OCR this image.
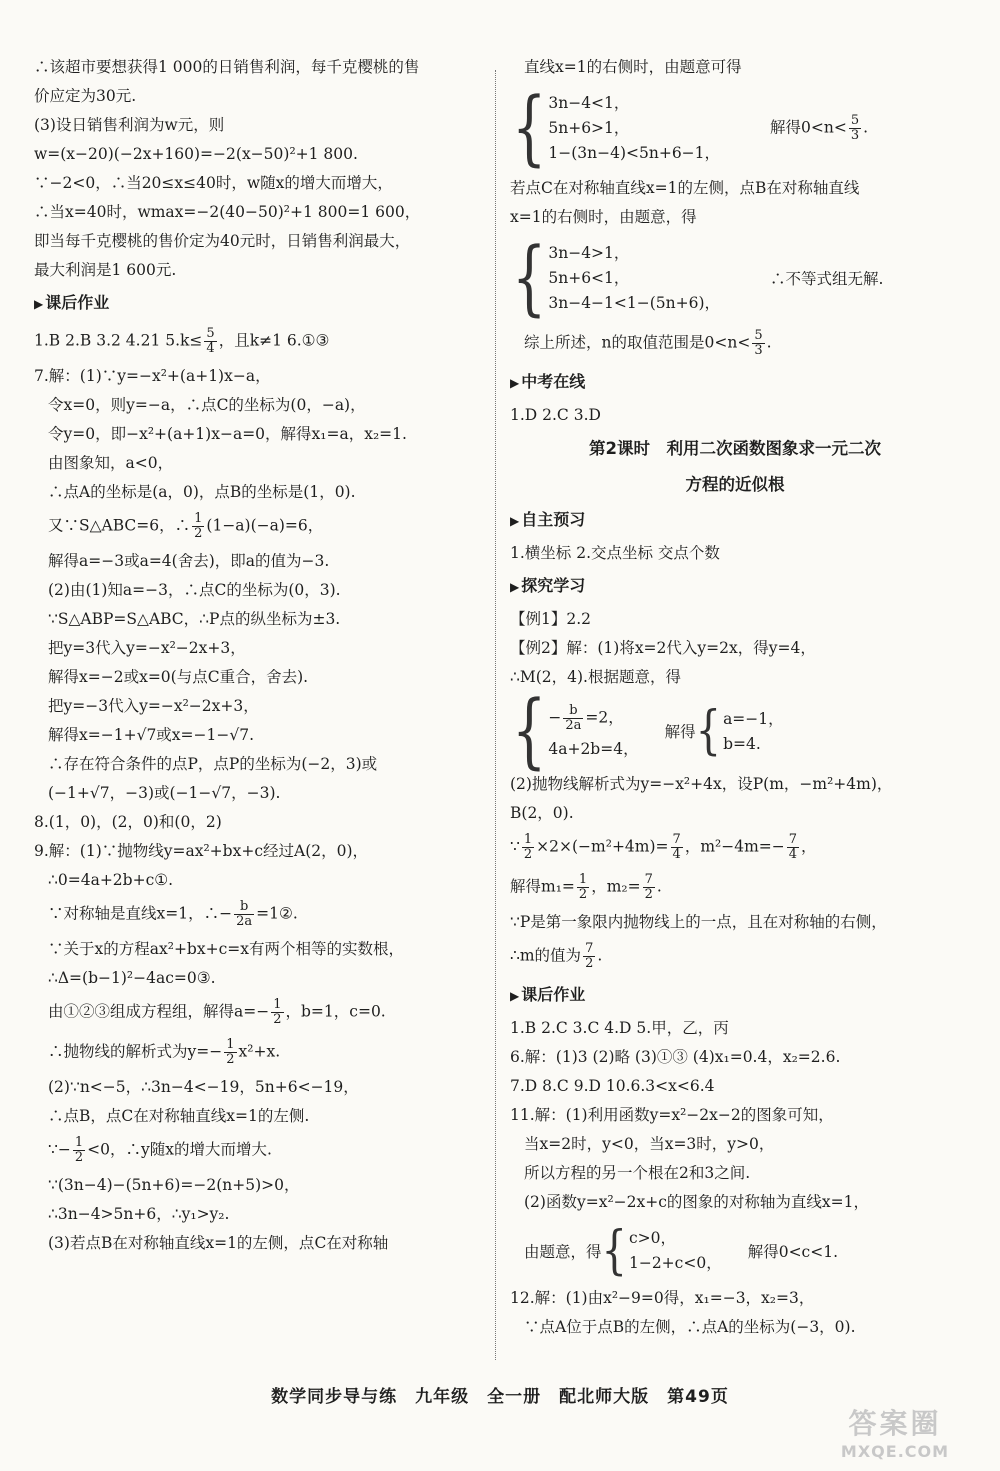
∴该超市要想获得1 000的日销售利润，每千克樱桃的售
价应定为30元.
(3)设日销售利润为w元，则
w=(x−20)(−2x+160)=−2(x−50)²+1 800.
∵−2<0，∴当20≤x≤40时，w随x的增大而增大，
∴当x=40时，wmax=−2(40−50)²+1 800=1 600，
即当每千克樱桃的售价定为40元时，日销售利润最大，
最大利润是1 600元.
▶ 课后作业
1.B 2.B 3.2 4.21 $5.k\le \frac{5}{4}$ ，且k≠1 6.①③
7.解：(1)∵y=−x²+(a+1)x−a，
令x=0，则y=−a，∴点C的坐标为(0，−a)，
令y=0，即−x²+(a+1)x−a=0，解得x₁=a，x₂=1.
由图象知，a<0，
∴点A的坐标是(a，0)，点B的坐标是(1，0).
又∵S△ABC=6，∴ $\frac{1}{2} (1-a)(-a)=6$，
解得a=−3或a=4(舍去)，即a的值为−3.
(2)由(1)知a=−3，∴点C的坐标为(0，3).
∵S△ABP=S△ABC，∴P点的纵坐标为±3.
把y=3代入y=−x²−2x+3，
解得x=−2或x=0(与点C重合，舍去).
把y=−3代入y=−x²−2x+3，
解得x=−1+√7或x=−1−√7.
∴存在符合条件的点P，点P的坐标为(−2，3)或
(−1+√7，−3)或(−1−√7，−3).
8.(1，0)，(2，0)和(0，2)
9.解：(1)∵抛物线y=ax²+bx+c经过A(2，0)，
∴0=4a+2b+c①.
∵对称轴是直线x=1，∴− $\frac{b}{2a}$ =1②.
∵关于x的方程ax²+bx+c=x有两个相等的实数根，
∴Δ=(b−1)²−4ac=0③.
由①②③组成方程组，解得$a=- \frac{1}{2}$ ，b=1，c=0.
∴抛物线的解析式为$y=- \frac{1}{2} x^2+x$.
(2)∵n<−5，∴3n−4<−19，5n+6<−19，
∴点B，点C在对称轴直线x=1的左侧.
∵− $\frac{1}{2} <0$，∴y随x的增大而增大.
∵(3n−4)−(5n+6)=−2(n+5)>0，
∴3n−4>5n+6，∴y₁>y₂.
(3)若点B在对称轴直线x=1的左侧，点C在对称轴
直线x=1的右侧时，由题意可得
{ 3n−4<1，
5n+6>1，
1−(3n−4)<5n+6−1，
解得$0<n< \frac{5}{3}$ .
若点C在对称轴直线x=1的左侧，点B在对称轴直线
x=1的右侧时，由题意，得
{ 3n−4>1，
5n+6<1，
3n−4−1<1−(5n+6)，
∴不等式组无解.
综上所述，n的取值范围是$0<n< \frac{5}{3}$ .
▶ 中考在线
1.D 2.C 3.D
第2课时　利用二次函数图象求一元二次
方程的近似根
▶ 自主预习
1.横坐标 2.交点坐标 交点个数
▶ 探究学习
【例1】2.2
【例2】解：(1)将x=2代入y=2x，得y=4，
∴M(2，4).根据题意，得
{ − $\frac{b}{2a} =2$，
4a+2b=4，
解得 { a=−1，
b=4.
(2)抛物线解析式为y=−x²+4x，设P(m，−m²+4m)，
B(2，0).
∵ $\frac{1}{2} \times 2\times(-m^2+4m)= \frac{7}{4}$ ，$m^2-4m=- \frac{7}{4}$ ，
解得$m_1= \frac{1}{2}$ ，$m_2= \frac{7}{2}$ .
∵P是第一象限内抛物线上的一点，且在对称轴的右侧，
∴m的值为 $\frac{7}{2}$ .
▶ 课后作业
1.B 2.C 3.C 4.D 5.甲，乙，丙
6.解：(1)3 (2)略 (3)①③ (4)x₁=0.4，x₂=2.6.
7.D 8.C 9.D 10.6.3<x<6.4
11.解：(1)利用函数y=x²−2x−2的图象可知，
当x=2时，y<0，当x=3时，y>0，
所以方程的另一个根在2和3之间.
(2)函数y=x²−2x+c的图象的对称轴为直线x=1，
由题意，得 { c>0，
1−2+c<0，
解得0<c<1.
12.解：(1)由x²−9=0得，x₁=−3，x₂=3，
∵点A位于点B的左侧，∴点A的坐标为(−3，0).
数学同步导与练　九年级　全一册　配北师大版　第49页
答案圈
MXQE.COM
